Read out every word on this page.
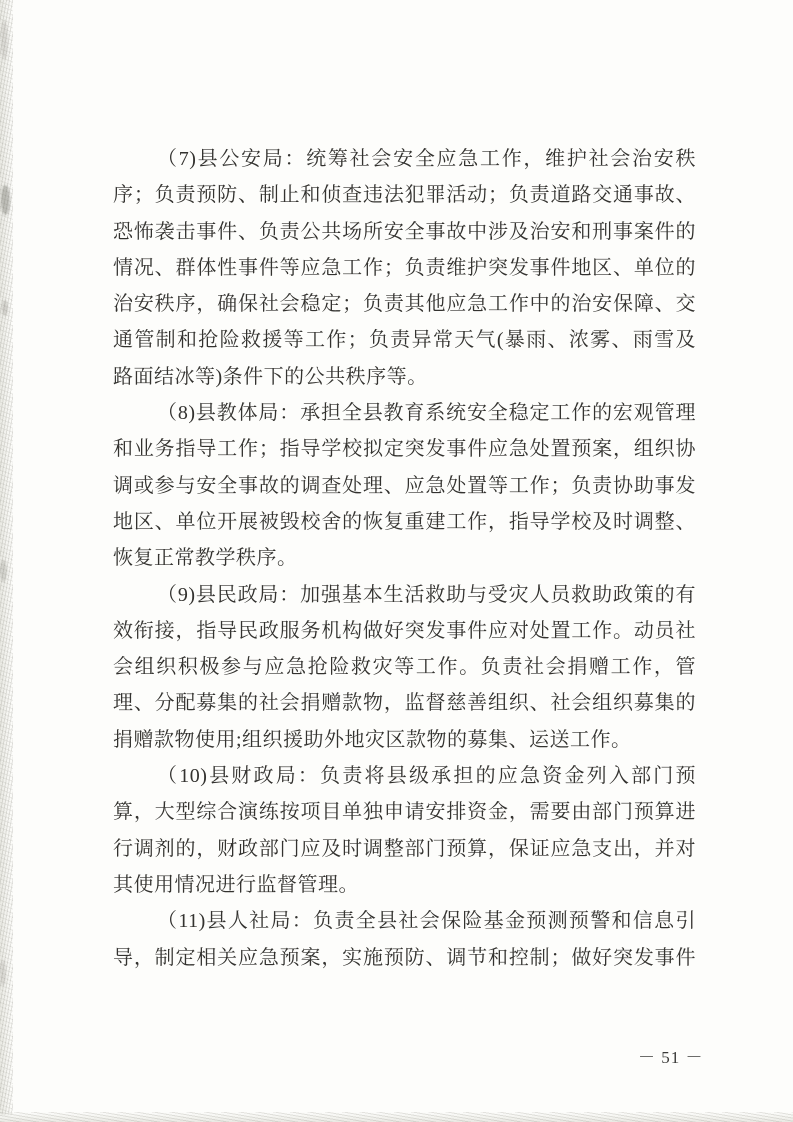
（7)县公安局：统筹社会安全应急工作，维护社会治安秩
序；负责预防、制止和侦查违法犯罪活动；负责道路交通事故、
恐怖袭击事件、负责公共场所安全事故中涉及治安和刑事案件的
情况、群体性事件等应急工作；负责维护突发事件地区、单位的
治安秩序，确保社会稳定；负责其他应急工作中的治安保障、交
通管制和抢险救援等工作；负责异常天气(暴雨、浓雾、雨雪及
路面结冰等)条件下的公共秩序等。
（8)县教体局：承担全县教育系统安全稳定工作的宏观管理
和业务指导工作；指导学校拟定突发事件应急处置预案，组织协
调或参与安全事故的调查处理、应急处置等工作；负责协助事发
地区、单位开展被毁校舍的恢复重建工作，指导学校及时调整、
恢复正常教学秩序。
（9)县民政局：加强基本生活救助与受灾人员救助政策的有
效衔接，指导民政服务机构做好突发事件应对处置工作。动员社
会组织积极参与应急抢险救灾等工作。负责社会捐赠工作，管
理、分配募集的社会捐赠款物，监督慈善组织、社会组织募集的
捐赠款物使用;组织援助外地灾区款物的募集、运送工作。
（10)县财政局：负责将县级承担的应急资金列入部门预
算，大型综合演练按项目单独申请安排资金，需要由部门预算进
行调剂的，财政部门应及时调整部门预算，保证应急支出，并对
其使用情况进行监督管理。
（11)县人社局：负责全县社会保险基金预测预警和信息引
导，制定相关应急预案，实施预防、调节和控制；做好突发事件
－ 51 －
